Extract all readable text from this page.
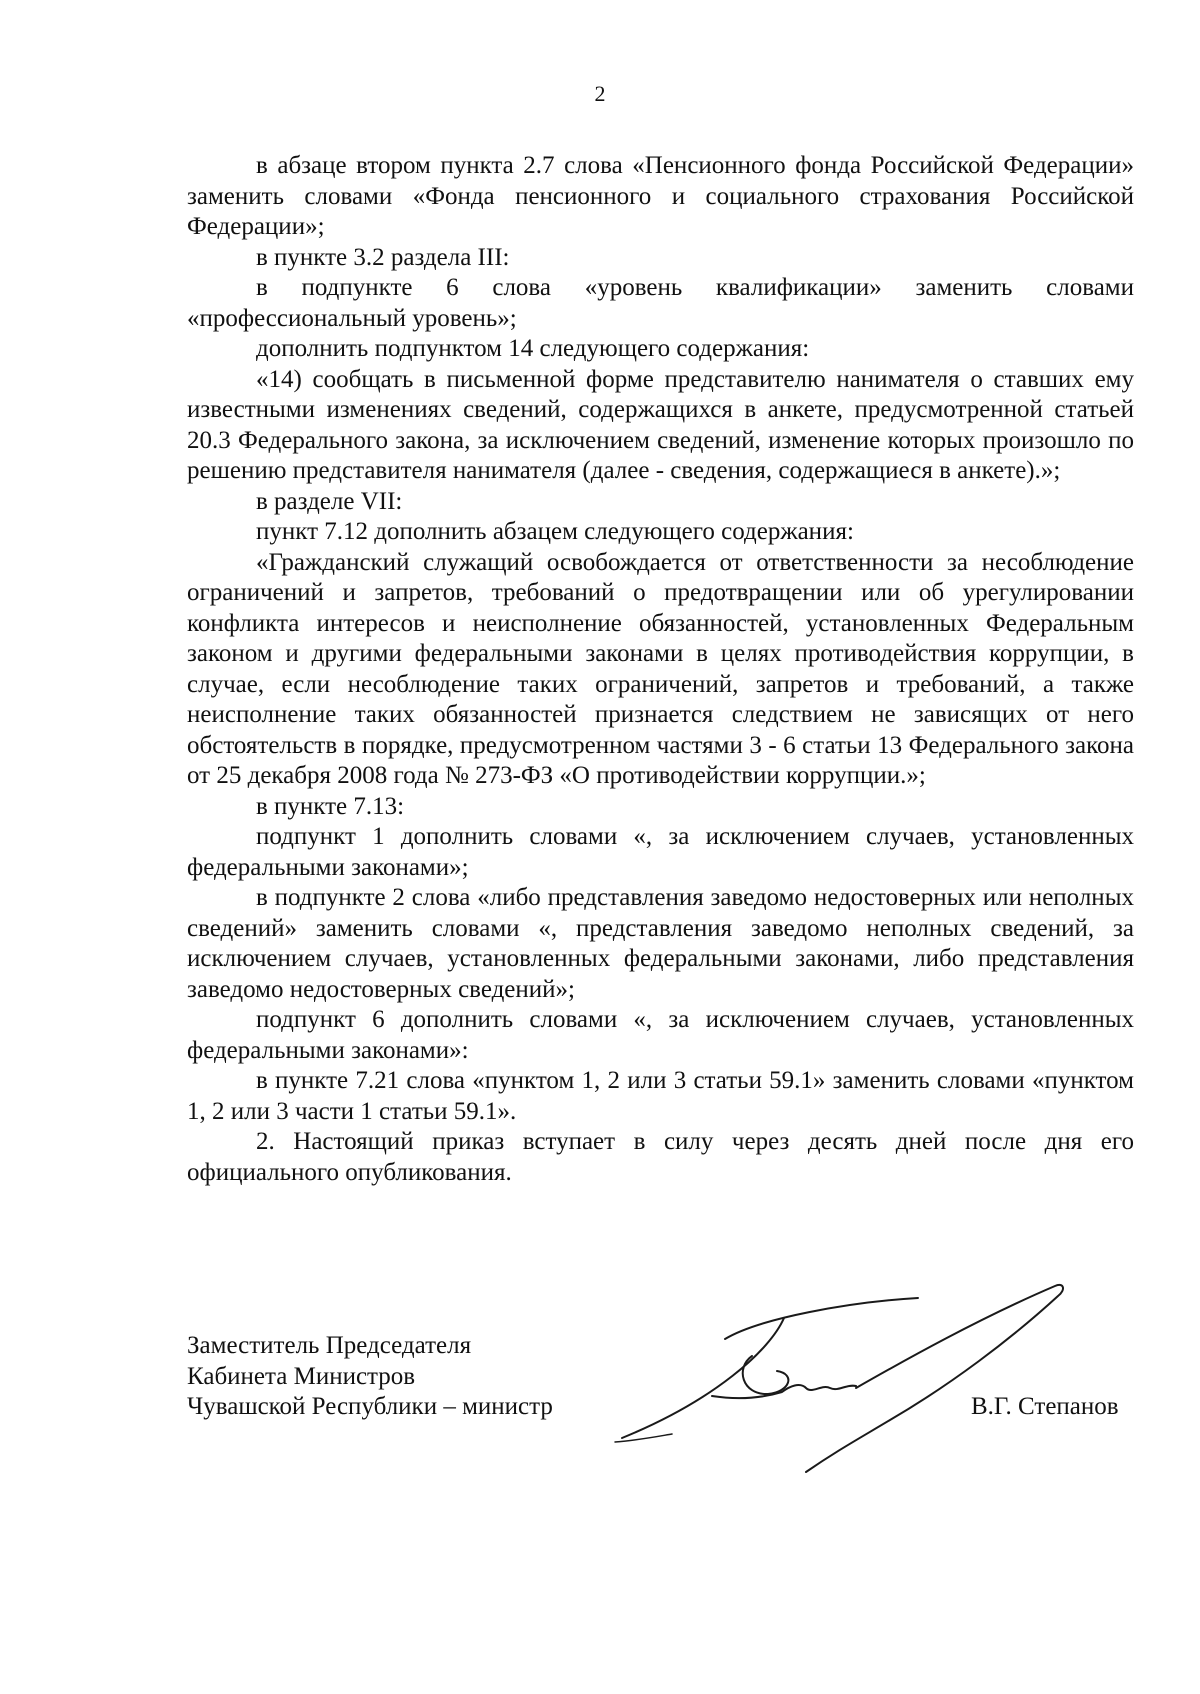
2

в абзаце втором пункта 2.7 слова «Пенсионного фонда Российской Федерации» заменить словами «Фонда пенсионного и социального страхования Российской Федерации»;

в пункте 3.2 раздела III:

в подпункте 6 слова «уровень квалификации» заменить словами «профессиональный уровень»;

дополнить подпунктом 14 следующего содержания:

«14) сообщать в письменной форме представителю нанимателя о ставших ему известными изменениях сведений, содержащихся в анкете, предусмотренной статьей 20.3 Федерального закона, за исключением сведений, изменение которых произошло по решению представителя нанимателя (далее - сведения, содержащиеся в анкете).»;

в разделе VII:

пункт 7.12 дополнить абзацем следующего содержания:

«Гражданский служащий освобождается от ответственности за несоблюдение ограничений и запретов, требований о предотвращении или об урегулировании конфликта интересов и неисполнение обязанностей, установленных Федеральным законом и другими федеральными законами в целях противодействия коррупции, в случае, если несоблюдение таких ограничений, запретов и требований, а также неисполнение таких обязанностей признается следствием не зависящих от него обстоятельств в порядке, предусмотренном частями 3 - 6 статьи 13 Федерального закона от 25 декабря 2008 года № 273-ФЗ «О противодействии коррупции.»;

в пункте 7.13:

подпункт 1 дополнить словами «, за исключением случаев, установленных федеральными законами»;

в подпункте 2 слова «либо представления заведомо недостоверных или неполных сведений» заменить словами «, представления заведомо неполных сведений, за исключением случаев, установленных федеральными законами, либо представления заведомо недостоверных сведений»;

подпункт 6 дополнить словами «, за исключением случаев, установленных федеральными законами»:

в пункте 7.21 слова «пунктом 1, 2 или 3 статьи 59.1» заменить словами «пунктом 1, 2 или 3 части 1 статьи 59.1».

2. Настоящий приказ вступает в силу через десять дней после дня его официального опубликования.

Заместитель Председателя
Кабинета Министров
Чувашской Республики – министр	В.Г. Степанов
